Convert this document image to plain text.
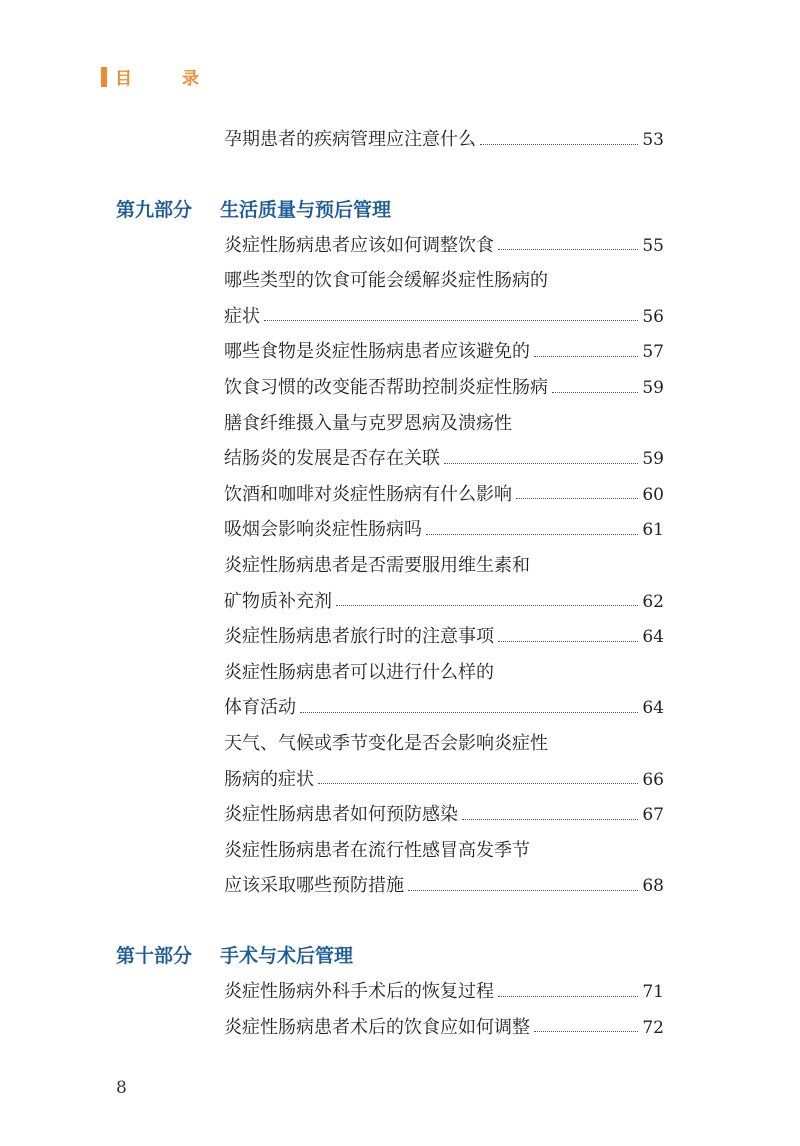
目 录
孕期患者的疾病管理应注意什么	53
第九部分 生活质量与预后管理
炎症性肠病患者应该如何调整饮食	55
哪些类型的饮食可能会缓解炎症性肠病的
症状	56
哪些食物是炎症性肠病患者应该避免的	57
饮食习惯的改变能否帮助控制炎症性肠病	59
膳食纤维摄入量与克罗恩病及溃疡性
结肠炎的发展是否存在关联	59
饮酒和咖啡对炎症性肠病有什么影响	60
吸烟会影响炎症性肠病吗	61
炎症性肠病患者是否需要服用维生素和
矿物质补充剂	62
炎症性肠病患者旅行时的注意事项	64
炎症性肠病患者可以进行什么样的
体育活动	64
天气、气候或季节变化是否会影响炎症性
肠病的症状	66
炎症性肠病患者如何预防感染	67
炎症性肠病患者在流行性感冒高发季节
应该采取哪些预防措施	68
第十部分 手术与术后管理
炎症性肠病外科手术后的恢复过程	71
炎症性肠病患者术后的饮食应如何调整	72
8
